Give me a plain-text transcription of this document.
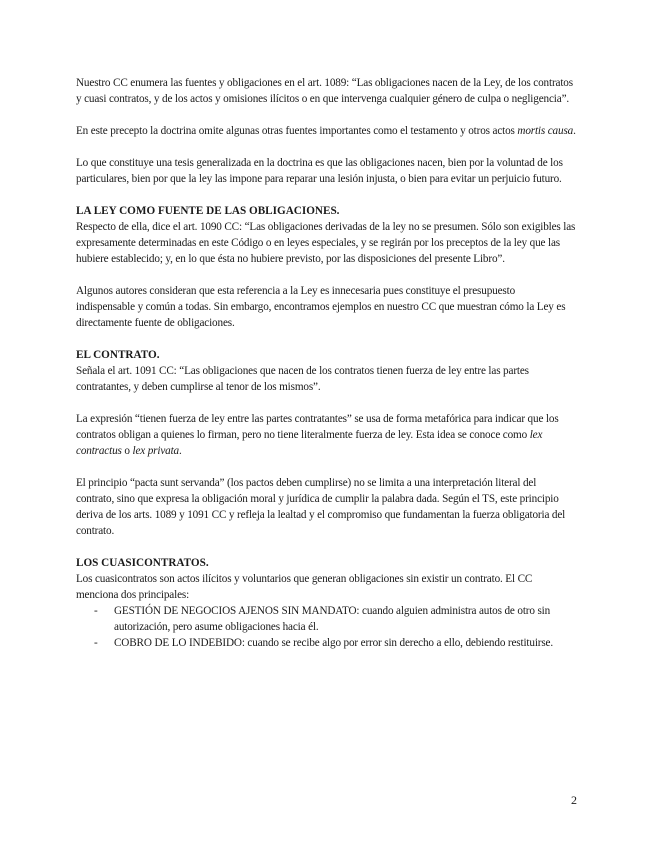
Nuestro CC enumera las fuentes y obligaciones en el art. 1089: “Las obligaciones nacen de la Ley, de los contratos y cuasi contratos, y de los actos y omisiones ilícitos o en que intervenga cualquier género de culpa o negligencia”.

En este precepto la doctrina omite algunas otras fuentes importantes como el testamento y otros actos mortis causa.

Lo que constituye una tesis generalizada en la doctrina es que las obligaciones nacen, bien por la voluntad de los particulares, bien por que la ley las impone para reparar una lesión injusta, o bien para evitar un perjuicio futuro.

LA LEY COMO FUENTE DE LAS OBLIGACIONES.

Respecto de ella, dice el art. 1090 CC: “Las obligaciones derivadas de la ley no se presumen. Sólo son exigibles las expresamente determinadas en este Código o en leyes especiales, y se regirán por los preceptos de la ley que las hubiere establecido; y, en lo que ésta no hubiere previsto, por las disposiciones del presente Libro”.

Algunos autores consideran que esta referencia a la Ley es innecesaria pues constituye el presupuesto indispensable y común a todas. Sin embargo, encontramos ejemplos en nuestro CC que muestran cómo la Ley es directamente fuente de obligaciones.

EL CONTRATO.

Señala el art. 1091 CC: “Las obligaciones que nacen de los contratos tienen fuerza de ley entre las partes contratantes, y deben cumplirse al tenor de los mismos”.

La expresión “tienen fuerza de ley entre las partes contratantes” se usa de forma metafórica para indicar que los contratos obligan a quienes lo firman, pero no tiene literalmente fuerza de ley. Esta idea se conoce como lex contractus o lex privata.

El principio “pacta sunt servanda” (los pactos deben cumplirse) no se limita a una interpretación literal del contrato, sino que expresa la obligación moral y jurídica de cumplir la palabra dada. Según el TS, este principio deriva de los arts. 1089 y 1091 CC y refleja la lealtad y el compromiso que fundamentan la fuerza obligatoria del contrato.

LOS CUASICONTRATOS.

Los cuasicontratos son actos ilícitos y voluntarios que generan obligaciones sin existir un contrato. El CC menciona dos principales:

- GESTIÓN DE NEGOCIOS AJENOS SIN MANDATO: cuando alguien administra autos de otro sin autorización, pero asume obligaciones hacia él.
- COBRO DE LO INDEBIDO: cuando se recibe algo por error sin derecho a ello, debiendo restituirse.
2
